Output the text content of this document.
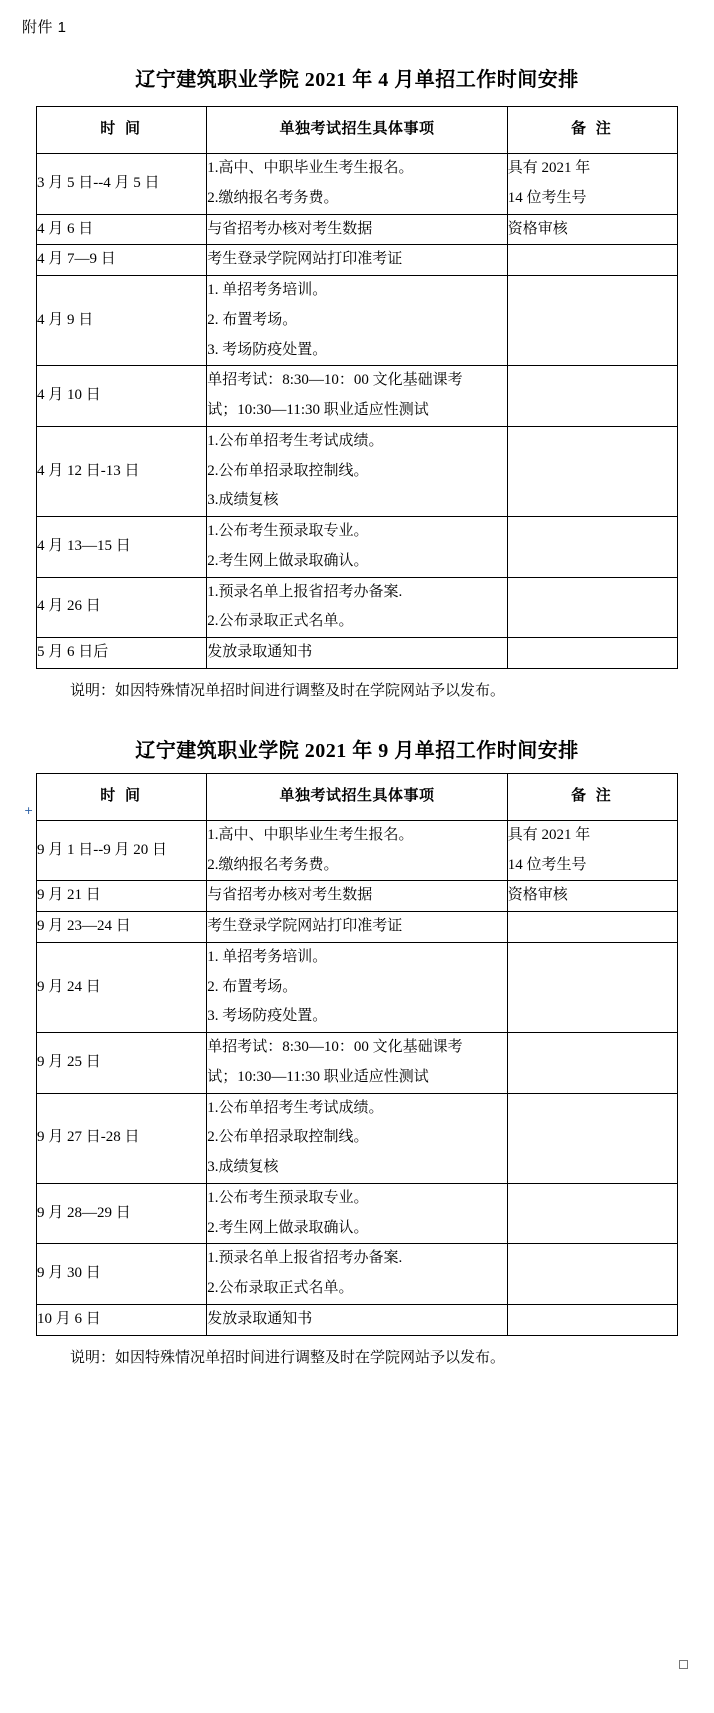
附件 1
辽宁建筑职业学院 2021 年 4 月单招工作时间安排
时 间	单独考试招生具体事项	备 注

3 月 5 日--4 月 5 日	1.高中、中职毕业生考生报名。
2.缴纳报名考务费。	具有 2021 年
14 位考生号

4 月 6 日	与省招考办核对考生数据	资格审核

4 月 7—9 日	考生登录学院网站打印准考证	

4 月 9 日	1. 单招考务培训。
2. 布置考场。
3. 考场防疫处置。	

4 月 10 日	单招考试：8:30—10：00 文化基础课考
试；10:30—11:30 职业适应性测试	

4 月 12 日-13 日	1.公布单招考生考试成绩。
2.公布单招录取控制线。
3.成绩复核	

4 月 13—15 日	1.公布考生预录取专业。
2.考生网上做录取确认。	

4 月 26 日	1.预录名单上报省招考办备案.
2.公布录取正式名单。	

5 月 6 日后	发放录取通知书	

说明：如因特殊情况单招时间进行调整及时在学院网站予以发布。

辽宁建筑职业学院 2021 年 9 月单招工作时间安排
+
时 间	单独考试招生具体事项	备 注

9 月 1 日--9 月 20 日	1.高中、中职毕业生考生报名。
2.缴纳报名考务费。	具有 2021 年
14 位考生号

9 月 21 日	与省招考办核对考生数据	资格审核

9 月 23—24 日	考生登录学院网站打印准考证	

9 月 24 日	1. 单招考务培训。
2. 布置考场。
3. 考场防疫处置。	

9 月 25 日	单招考试：8:30—10：00 文化基础课考
试；10:30—11:30 职业适应性测试	

9 月 27 日-28 日	1.公布单招考生考试成绩。
2.公布单招录取控制线。
3.成绩复核	

9 月 28—29 日	1.公布考生预录取专业。
2.考生网上做录取确认。	

9 月 30 日	1.预录名单上报省招考办备案.
2.公布录取正式名单。	

10 月 6 日	发放录取通知书	

说明：如因特殊情况单招时间进行调整及时在学院网站予以发布。
